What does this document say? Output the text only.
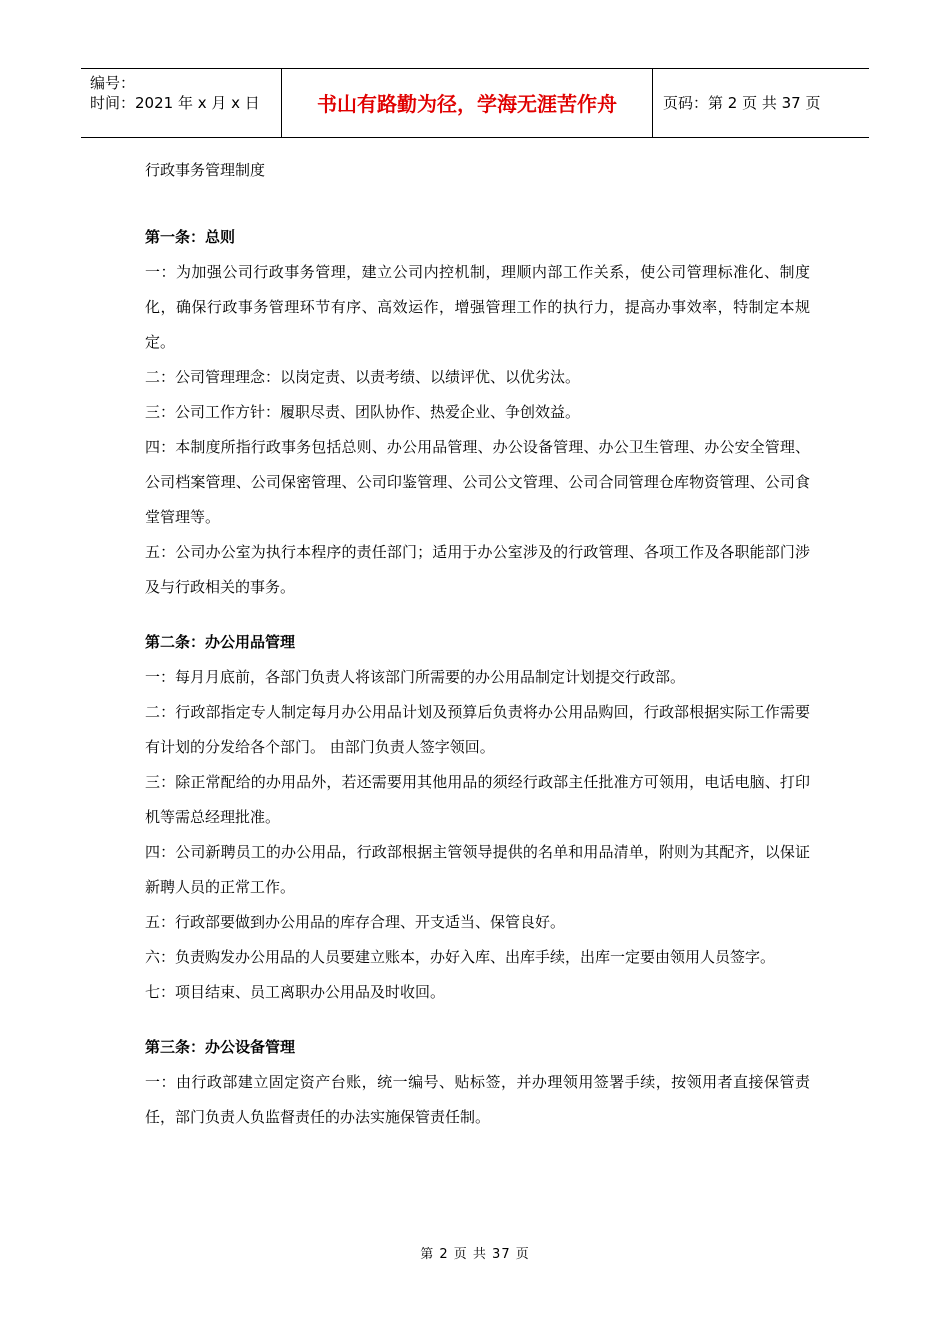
编号：
时间：2021 年 x 月 x 日	书山有路勤为径，学海无涯苦作舟	页码：第 2 页 共 37 页
行政事务管理制度
第一条：总则

一：为加强公司行政事务管理，建立公司内控机制，理顺内部工作关系，使公司管理标准化、制度化，确保行政事务管理环节有序、高效运作，增强管理工作的执行力，提高办事效率，特制定本规定。

二：公司管理理念：以岗定责、以责考绩、以绩评优、以优劣汰。

三：公司工作方针：履职尽责、团队协作、热爱企业、争创效益。

四：本制度所指行政事务包括总则、办公用品管理、办公设备管理、办公卫生管理、办公安全管理、公司档案管理、公司保密管理、公司印鉴管理、公司公文管理、公司合同管理仓库物资管理、公司食堂管理等。

五：公司办公室为执行本程序的责任部门；适用于办公室涉及的行政管理、各项工作及各职能部门涉及与行政相关的事务。

第二条：办公用品管理

一：每月月底前，各部门负责人将该部门所需要的办公用品制定计划提交行政部。

二：行政部指定专人制定每月办公用品计划及预算后负责将办公用品购回，行政部根据实际工作需要有计划的分发给各个部门。 由部门负责人签字领回。

三：除正常配给的办用品外，若还需要用其他用品的须经行政部主任批准方可领用，电话电脑、打印机等需总经理批准。

四：公司新聘员工的办公用品，行政部根据主管领导提供的名单和用品清单，附则为其配齐，以保证新聘人员的正常工作。

五：行政部要做到办公用品的库存合理、开支适当、保管良好。

六：负责购发办公用品的人员要建立账本，办好入库、出库手续，出库一定要由领用人员签字。

七：项目结束、员工离职办公用品及时收回。

第三条：办公设备管理

一：由行政部建立固定资产台账，统一编号、贴标签，并办理领用签署手续，按领用者直接保管责任，部门负责人负监督责任的办法实施保管责任制。

第 2 页 共 37 页
